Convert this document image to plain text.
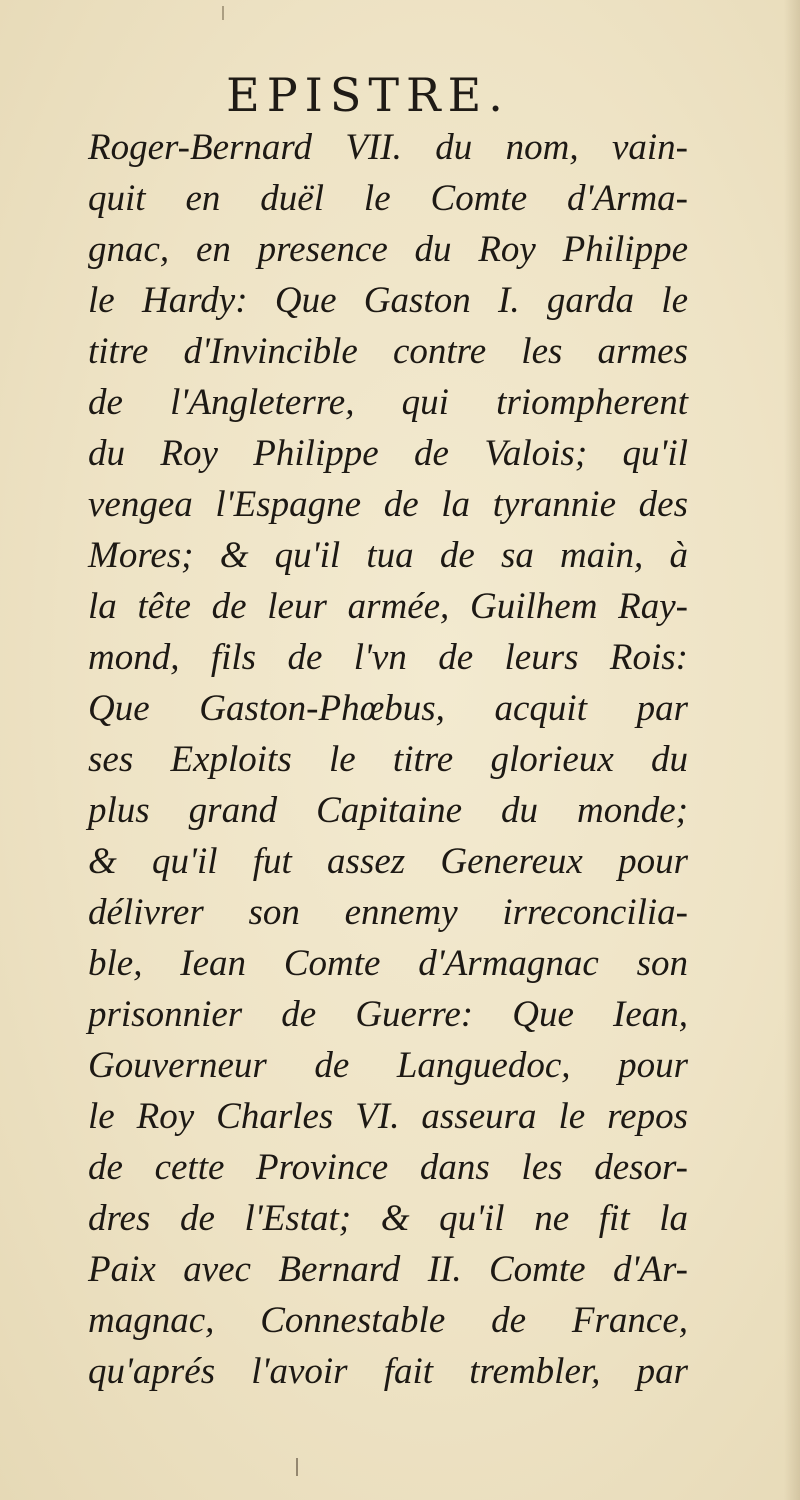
EPISTRE.
Roger-Bernard VII. du nom, vain-
quit en duël le Comte d'Arma-
gnac, en presence du Roy Philippe
le Hardy: Que Gaston I. garda le
titre d'Invincible contre les armes
de l'Angleterre, qui triompherent
du Roy Philippe de Valois; qu'il
vengea l'Espagne de la tyrannie des
Mores; & qu'il tua de sa main, à
la tête de leur armée, Guilhem Ray-
mond, fils de l'vn de leurs Rois:
Que Gaston-Phœbus, acquit par
ses Exploits le titre glorieux du
plus grand Capitaine du monde;
& qu'il fut assez Genereux pour
délivrer son ennemy irreconcilia-
ble, Iean Comte d'Armagnac son
prisonnier de Guerre: Que Iean,
Gouverneur de Languedoc, pour
le Roy Charles VI. asseura le repos
de cette Province dans les desor-
dres de l'Estat; & qu'il ne fit la
Paix avec Bernard II. Comte d'Ar-
magnac, Connestable de France,
qu'aprés l'avoir fait trembler, par
